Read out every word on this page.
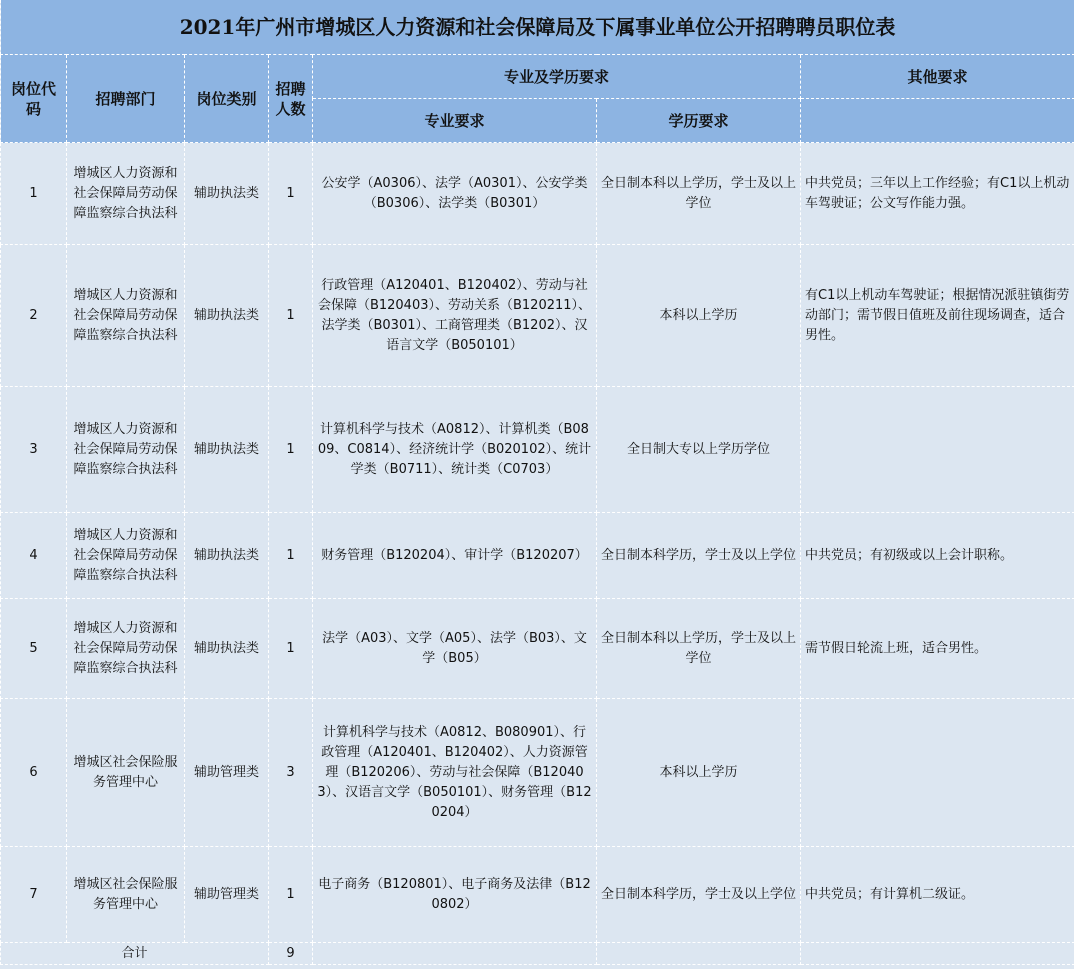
2021年广州市增城区人力资源和社会保障局及下属事业单位公开招聘聘员职位表						
岗位代码	招聘部门	岗位类别	招聘人数	专业及学历要求		其他要求
				专业要求	学历要求	
1	增城区人力资源和社会保障局劳动保障监察综合执法科	辅助执法类	1	公安学（A0306）、法学（A0301）、公安学类（B0306）、法学类（B0301）	全日制本科以上学历，学士及以上学位	中共党员；三年以上工作经验；有C1以上机动车驾驶证；公文写作能力强。
2	增城区人力资源和社会保障局劳动保障监察综合执法科	辅助执法类	1	行政管理（A120401、B120402）、劳动与社会保障（B120403）、劳动关系（B120211）、法学类（B0301）、工商管理类（B1202）、汉语言文学（B050101）	本科以上学历	有C1以上机动车驾驶证；根据情况派驻镇街劳动部门；需节假日值班及前往现场调查，适合男性。
3	增城区人力资源和社会保障局劳动保障监察综合执法科	辅助执法类	1	计算机科学与技术（A0812）、计算机类（B0809、C0814）、经济统计学（B020102）、统计学类（B0711）、统计类（C0703）	全日制大专以上学历学位	
4	增城区人力资源和社会保障局劳动保障监察综合执法科	辅助执法类	1	财务管理（B120204）、审计学（B120207）	全日制本科学历，学士及以上学位	中共党员；有初级或以上会计职称。
5	增城区人力资源和社会保障局劳动保障监察综合执法科	辅助执法类	1	法学（A03）、文学（A05）、法学（B03）、文学（B05）	全日制本科以上学历，学士及以上学位	需节假日轮流上班，适合男性。
6	增城区社会保险服务管理中心	辅助管理类	3	计算机科学与技术（A0812、B080901）、行政管理（A120401、B120402）、人力资源管理（B120206）、劳动与社会保障（B120403）、汉语言文学（B050101）、财务管理（B120204）	本科以上学历	
7	增城区社会保险服务管理中心	辅助管理类	1	电子商务（B120801）、电子商务及法律（B120802）	全日制本科学历，学士及以上学位	中共党员；有计算机二级证。
合计			9			
